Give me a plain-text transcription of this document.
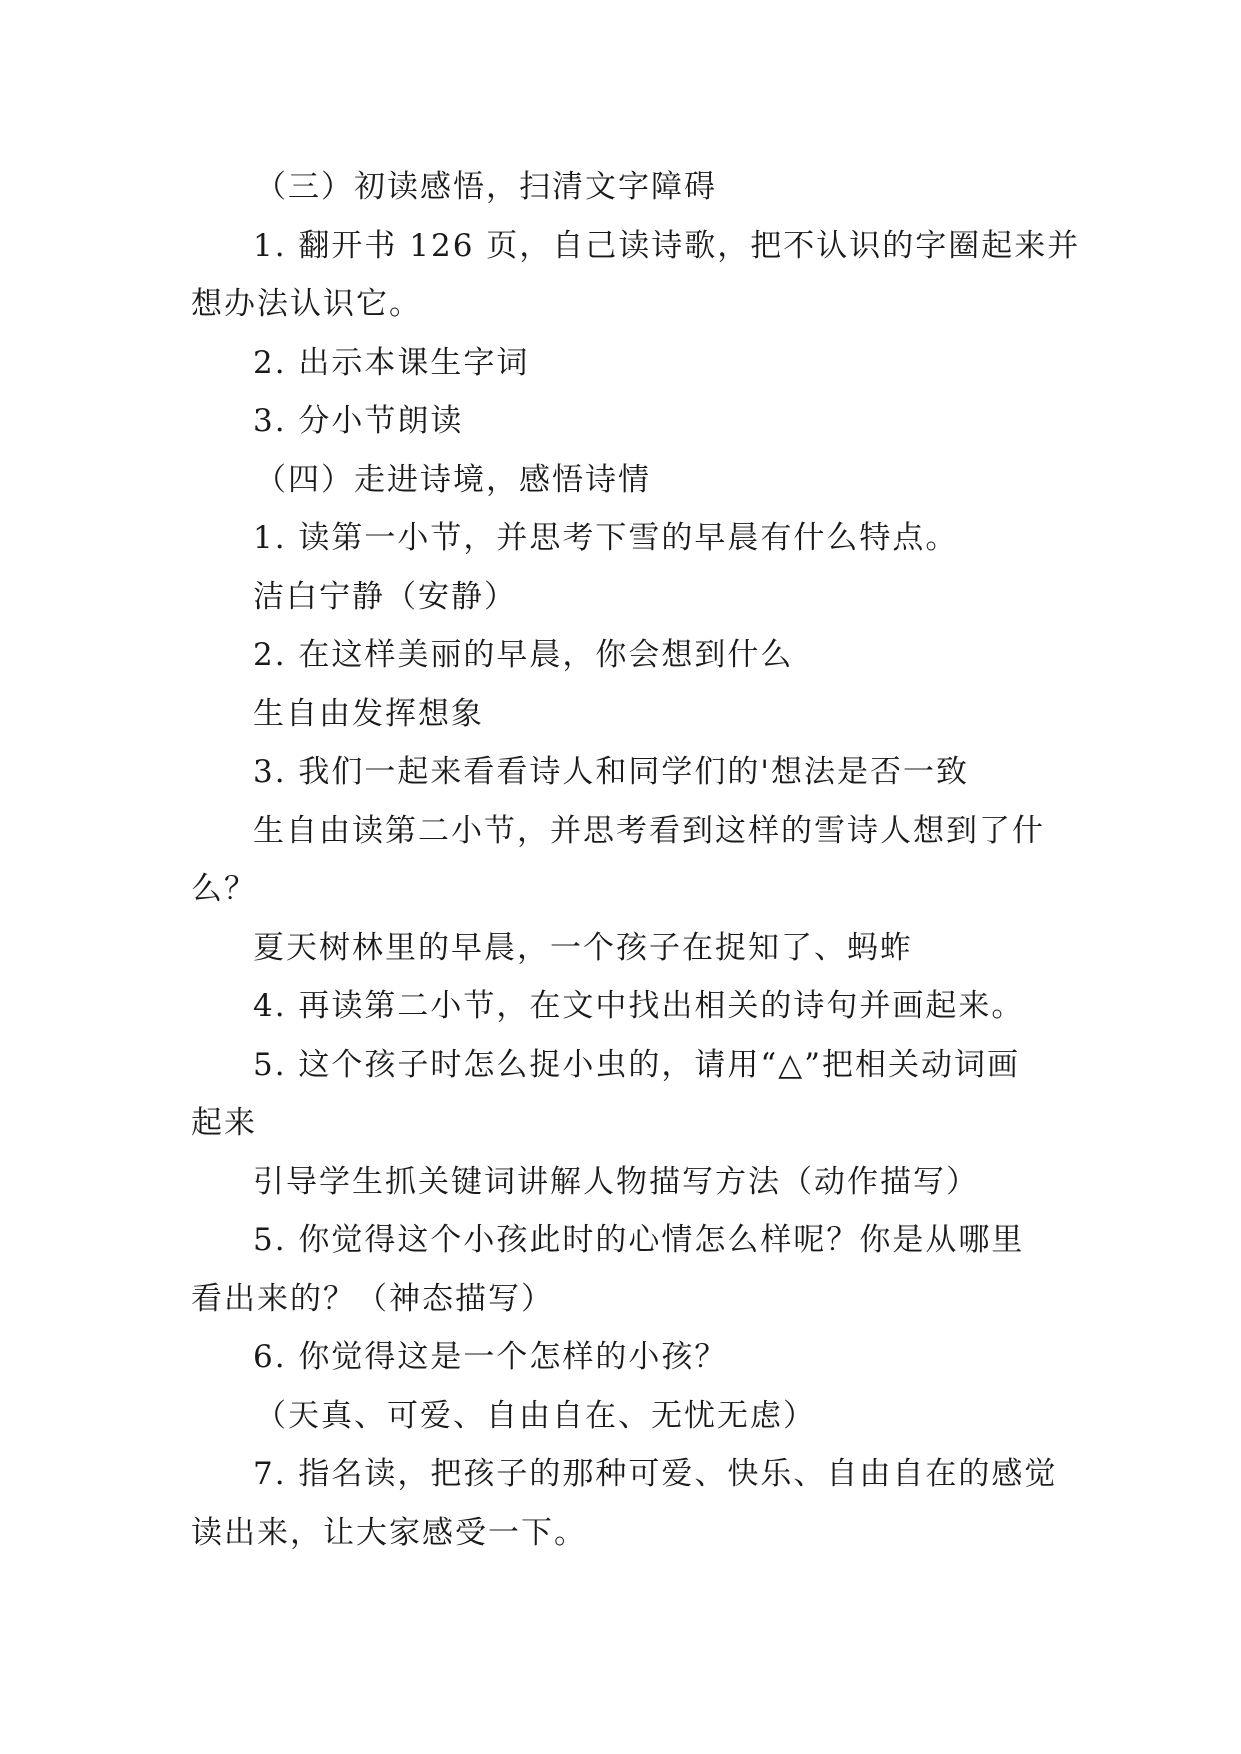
（三）初读感悟，扫清文字障碍

1. 翻开书 126 页，自己读诗歌，把不认识的字圈起来并

想办法认识它。

2. 出示本课生字词

3. 分小节朗读

（四）走进诗境，感悟诗情

1. 读第一小节，并思考下雪的早晨有什么特点。

洁白宁静（安静）

2. 在这样美丽的早晨，你会想到什么

生自由发挥想象

3. 我们一起来看看诗人和同学们的'想法是否一致

生自由读第二小节，并思考看到这样的雪诗人想到了什

么？

夏天树林里的早晨，一个孩子在捉知了、蚂蚱

4. 再读第二小节，在文中找出相关的诗句并画起来。

5. 这个孩子时怎么捉小虫的，请用“△”把相关动词画

起来

引导学生抓关键词讲解人物描写方法（动作描写）

5. 你觉得这个小孩此时的心情怎么样呢？你是从哪里

看出来的？（神态描写）

6. 你觉得这是一个怎样的小孩？

（天真、可爱、自由自在、无忧无虑）

7. 指名读，把孩子的那种可爱、快乐、自由自在的感觉

读出来，让大家感受一下。
